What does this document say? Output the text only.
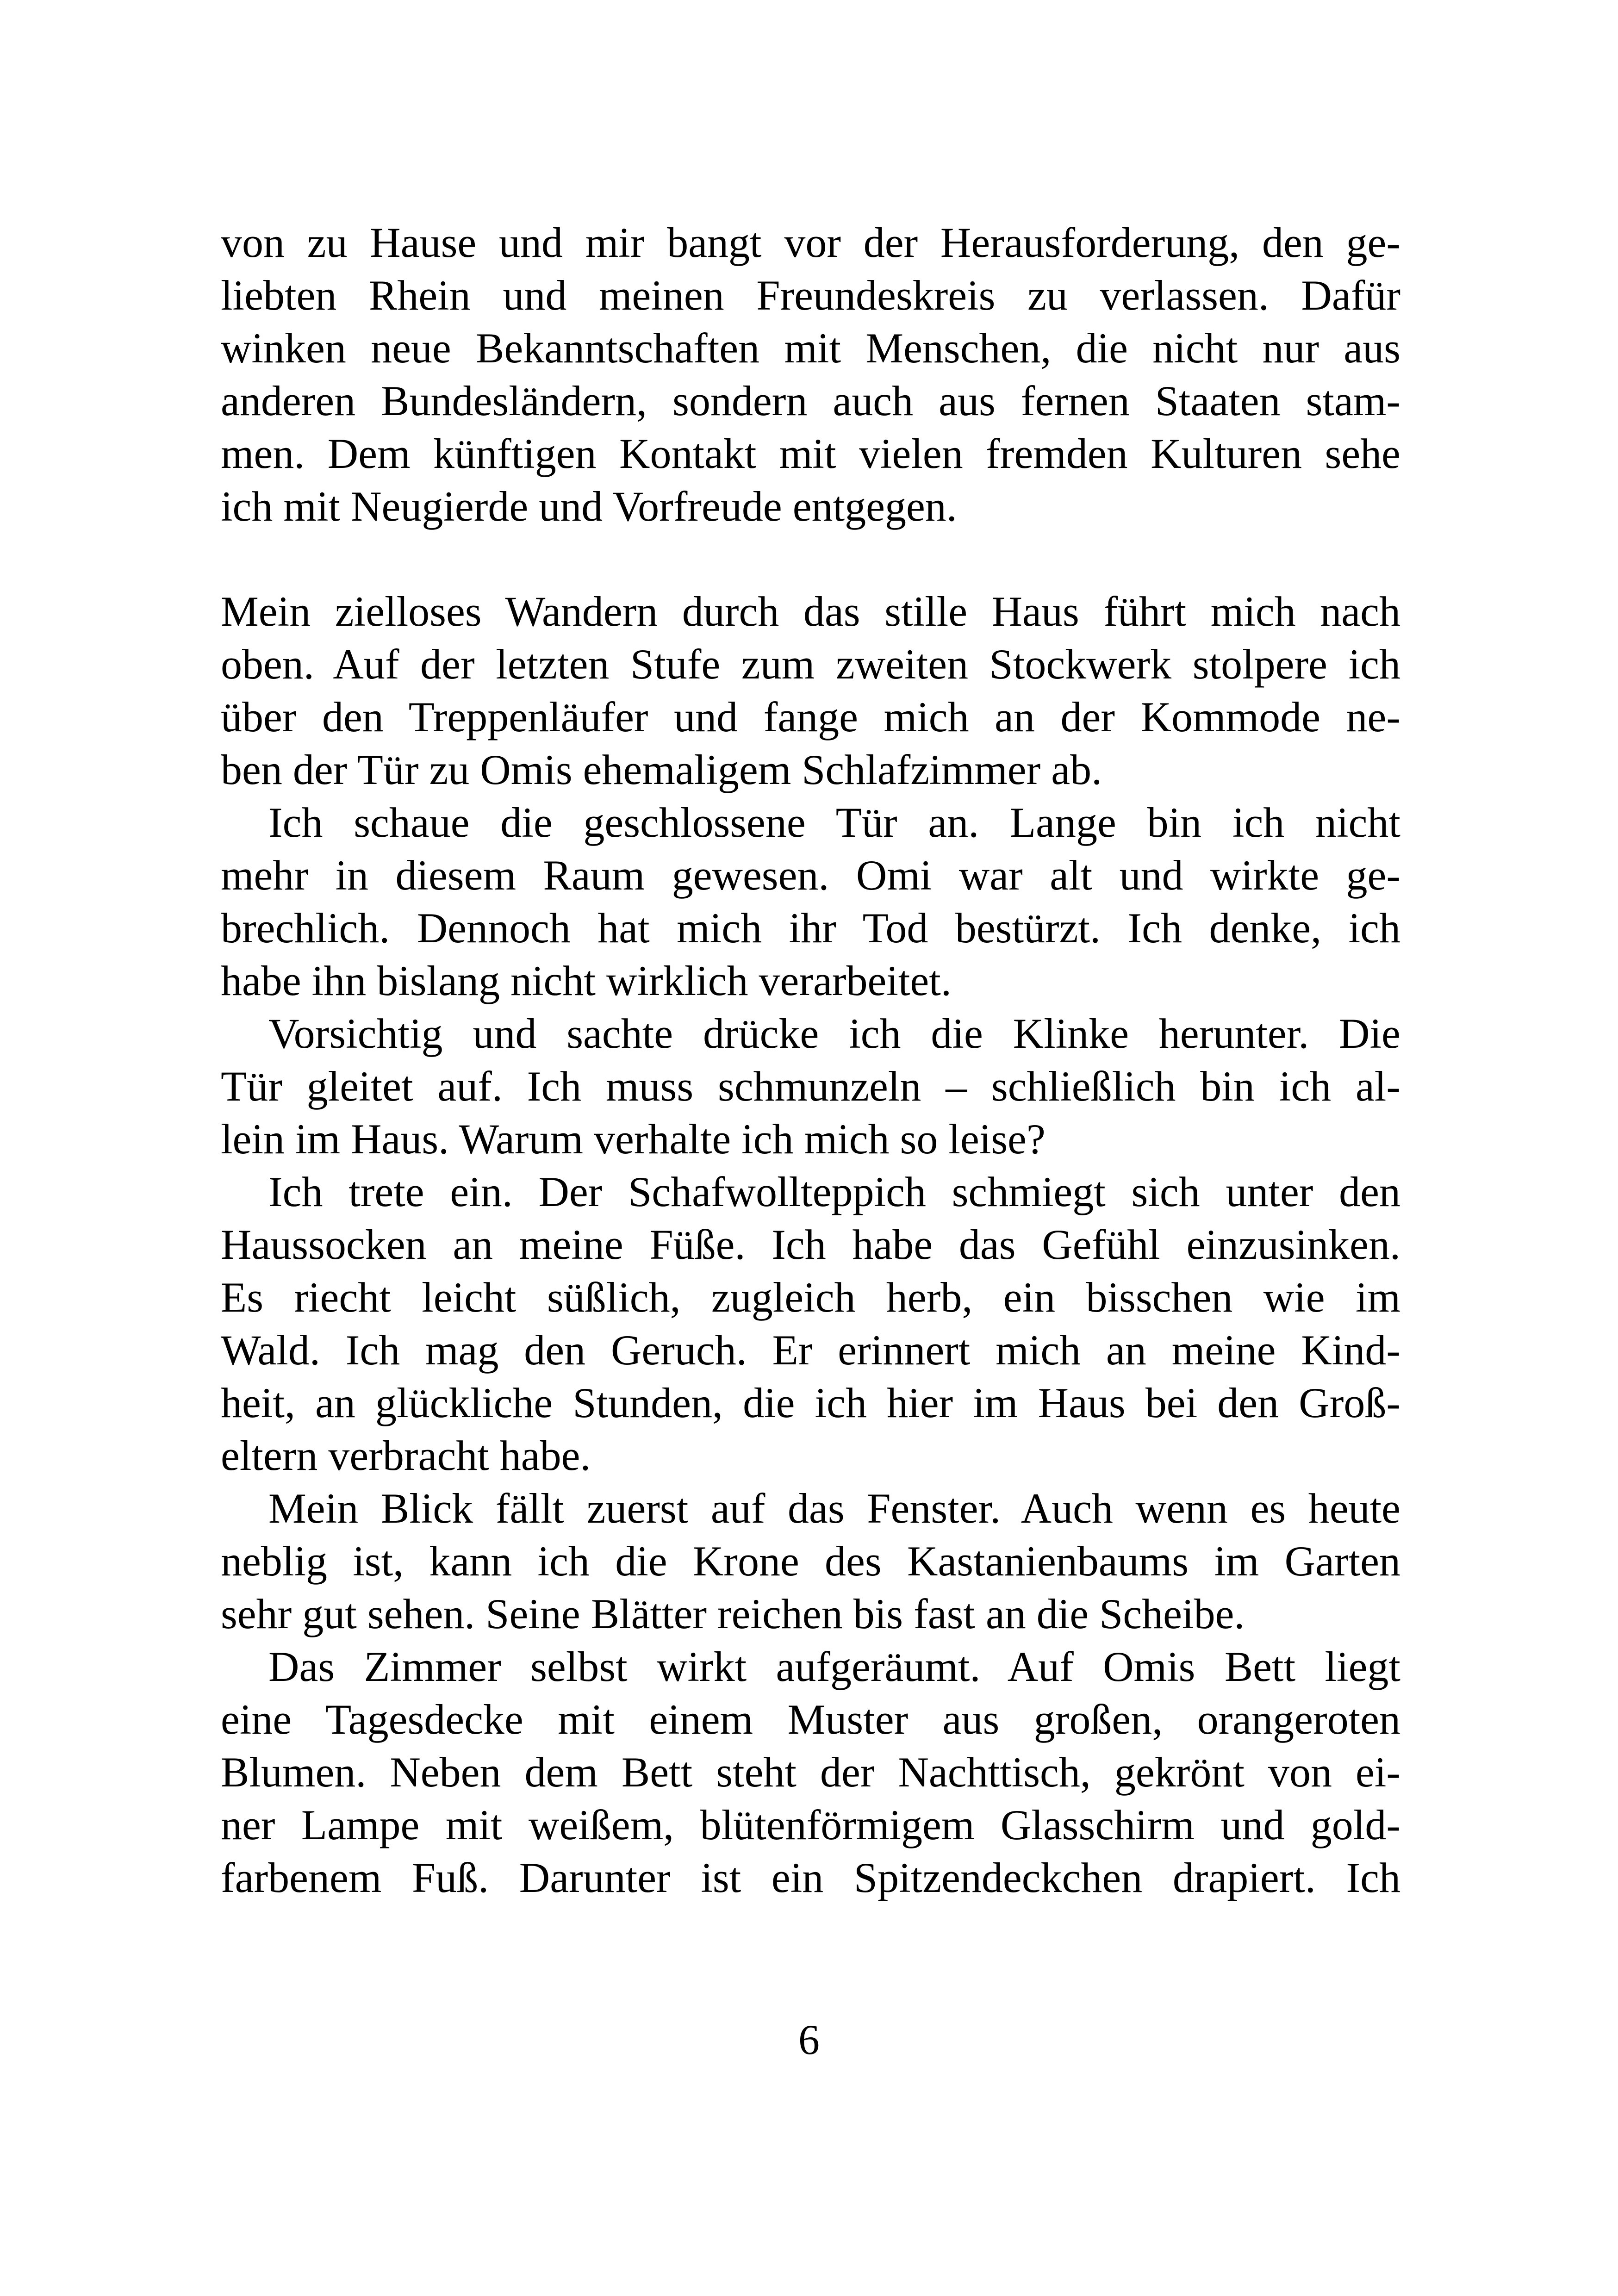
von zu Hause und mir bangt vor der Herausforderung, den ge-
liebten Rhein und meinen Freundeskreis zu verlassen. Dafür
winken neue Bekanntschaften mit Menschen, die nicht nur aus
anderen Bundesländern, sondern auch aus fernen Staaten stam-
men. Dem künftigen Kontakt mit vielen fremden Kulturen sehe
ich mit Neugierde und Vorfreude entgegen.
Mein zielloses Wandern durch das stille Haus führt mich nach
oben. Auf der letzten Stufe zum zweiten Stockwerk stolpere ich
über den Treppenläufer und fange mich an der Kommode ne-
ben der Tür zu Omis ehemaligem Schlafzimmer ab.
Ich schaue die geschlossene Tür an. Lange bin ich nicht
mehr in diesem Raum gewesen. Omi war alt und wirkte ge-
brechlich. Dennoch hat mich ihr Tod bestürzt. Ich denke, ich
habe ihn bislang nicht wirklich verarbeitet.
Vorsichtig und sachte drücke ich die Klinke herunter. Die
Tür gleitet auf. Ich muss schmunzeln – schließlich bin ich al-
lein im Haus. Warum verhalte ich mich so leise?
Ich trete ein. Der Schafwollteppich schmiegt sich unter den
Haussocken an meine Füße. Ich habe das Gefühl einzusinken.
Es riecht leicht süßlich, zugleich herb, ein bisschen wie im
Wald. Ich mag den Geruch. Er erinnert mich an meine Kind-
heit, an glückliche Stunden, die ich hier im Haus bei den Groß-
eltern verbracht habe.
Mein Blick fällt zuerst auf das Fenster. Auch wenn es heute
neblig ist, kann ich die Krone des Kastanienbaums im Garten
sehr gut sehen. Seine Blätter reichen bis fast an die Scheibe.
Das Zimmer selbst wirkt aufgeräumt. Auf Omis Bett liegt
eine Tagesdecke mit einem Muster aus großen, orangeroten
Blumen. Neben dem Bett steht der Nachttisch, gekrönt von ei-
ner Lampe mit weißem, blütenförmigem Glasschirm und gold-
farbenem Fuß. Darunter ist ein Spitzendeckchen drapiert. Ich
6
